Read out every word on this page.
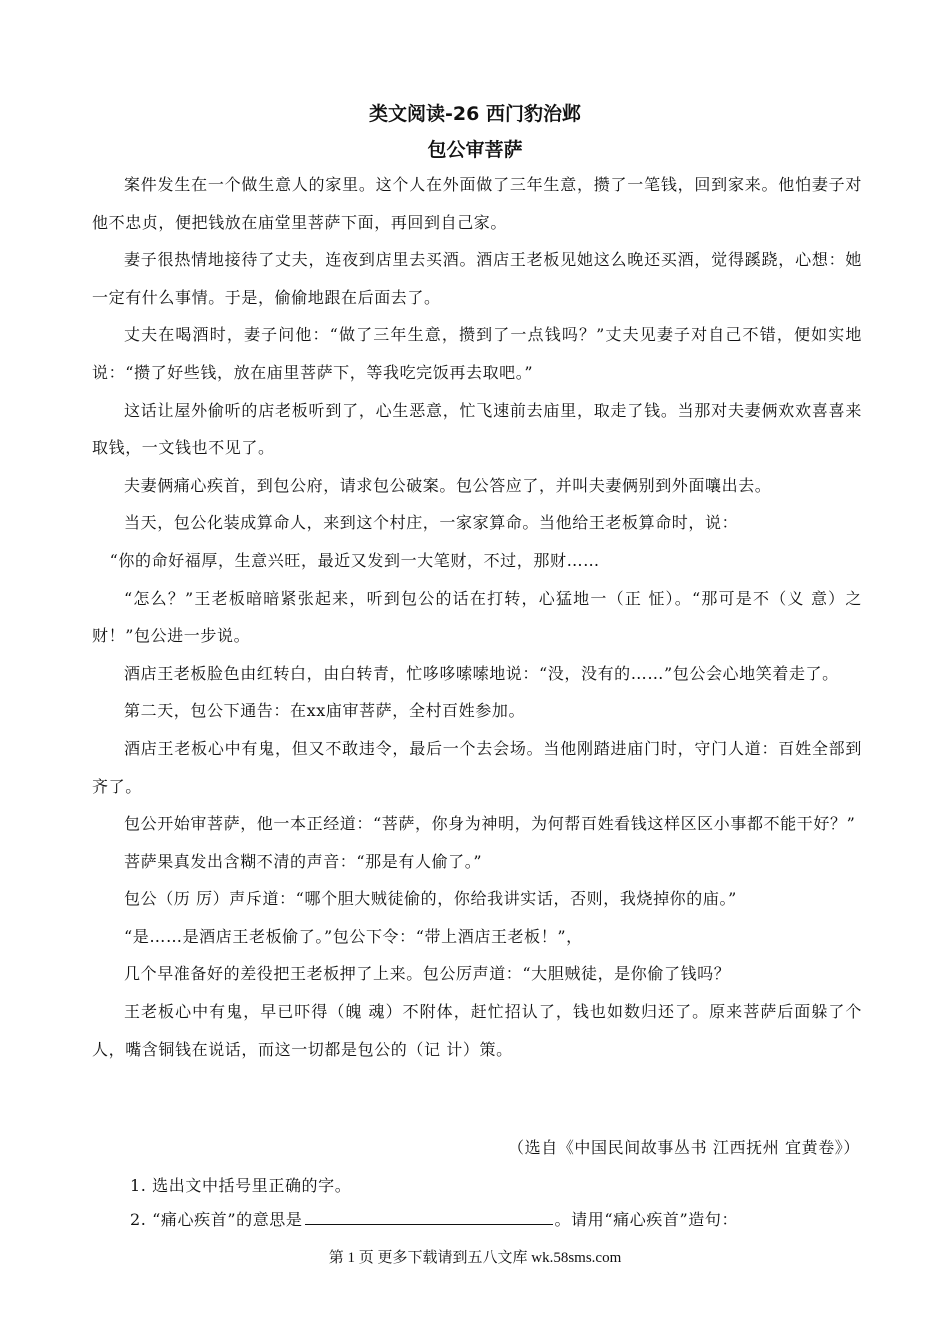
类文阅读-26 西门豹治邺
包公审菩萨

案件发生在一个做生意人的家里。这个人在外面做了三年生意，攒了一笔钱，回到家来。他怕妻子对他不忠贞，便把钱放在庙堂里菩萨下面，再回到自己家。

妻子很热情地接待了丈夫，连夜到店里去买酒。酒店王老板见她这么晚还买酒，觉得蹊跷，心想：她一定有什么事情。于是，偷偷地跟在后面去了。

丈夫在喝酒时，妻子问他：“做了三年生意，攒到了一点钱吗？”丈夫见妻子对自己不错，便如实地说：“攒了好些钱，放在庙里菩萨下，等我吃完饭再去取吧。”

这话让屋外偷听的店老板听到了，心生恶意，忙飞速前去庙里，取走了钱。当那对夫妻俩欢欢喜喜来取钱，一文钱也不见了。

夫妻俩痛心疾首，到包公府，请求包公破案。包公答应了，并叫夫妻俩别到外面嚷出去。

当天，包公化装成算命人，来到这个村庄，一家家算命。当他给王老板算命时，说：

“你的命好福厚，生意兴旺，最近又发到一大笔财，不过，那财……

“怎么？”王老板暗暗紧张起来，听到包公的话在打转，心猛地一（正 怔）。“那可是不（义 意）之财！”包公进一步说。

酒店王老板脸色由红转白，由白转青，忙哆哆嗦嗦地说：“没，没有的……”包公会心地笑着走了。

第二天，包公下通告：在xx庙审菩萨，全村百姓参加。

酒店王老板心中有鬼，但又不敢违令，最后一个去会场。当他刚踏进庙门时，守门人道：百姓全部到齐了。

包公开始审菩萨，他一本正经道：“菩萨，你身为神明，为何帮百姓看钱这样区区小事都不能干好？”

菩萨果真发出含糊不清的声音：“那是有人偷了。”

包公（历 厉）声斥道：“哪个胆大贼徒偷的，你给我讲实话，否则，我烧掉你的庙。”

“是……是酒店王老板偷了。”包公下令：“带上酒店王老板！”，

几个早准备好的差役把王老板押了上来。包公厉声道：“大胆贼徒，是你偷了钱吗？

王老板心中有鬼，早已吓得（魄 魂）不附体，赶忙招认了，钱也如数归还了。原来菩萨后面躲了个人，嘴含铜钱在说话，而这一切都是包公的（记 计）策。

（选自《中国民间故事丛书 江西抚州 宜黄卷》）
1. 选出文中括号里正确的字。
2. “痛心疾首”的意思是	。请用“痛心疾首”造句：
第 1 页 更多下载请到五八文库 wk.58sms.com
